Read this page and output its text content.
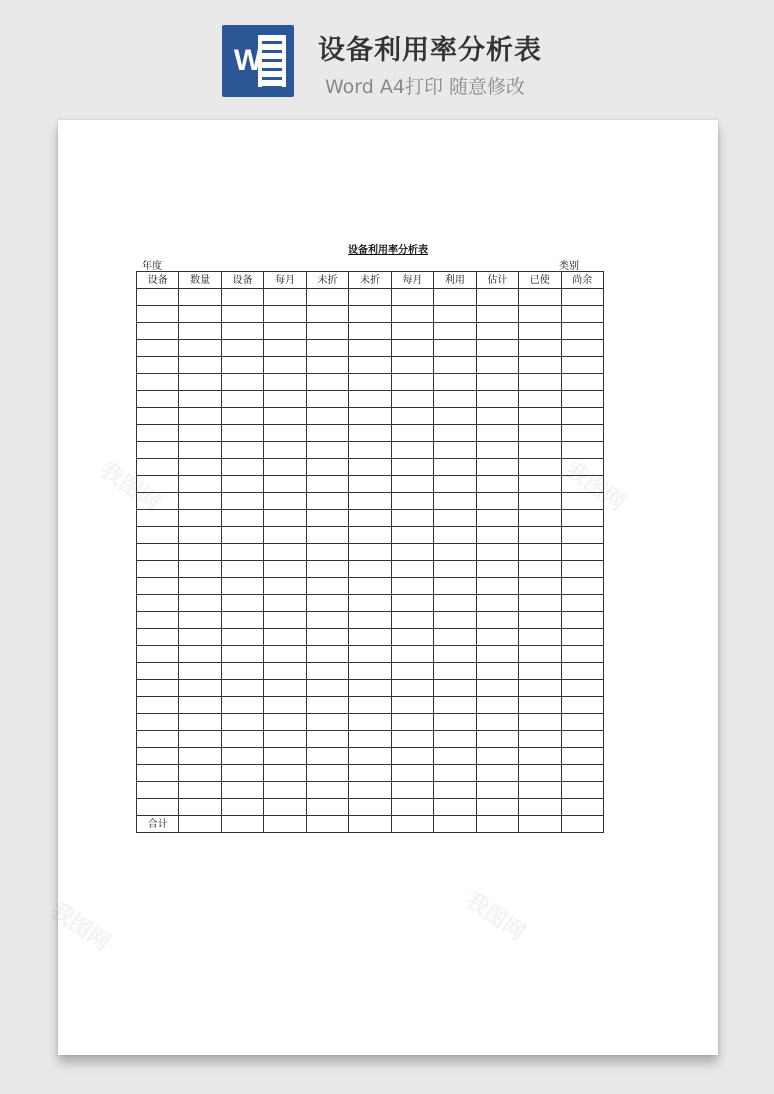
W 设备利用率分析表
Word A4打印 随意修改
我图网	我图网
我图网	我图网
设备利用率分析表
年度	类别
设备	数量	设备	每月	未折	未折	每月	利用	估计	已使	尚余

合计										
